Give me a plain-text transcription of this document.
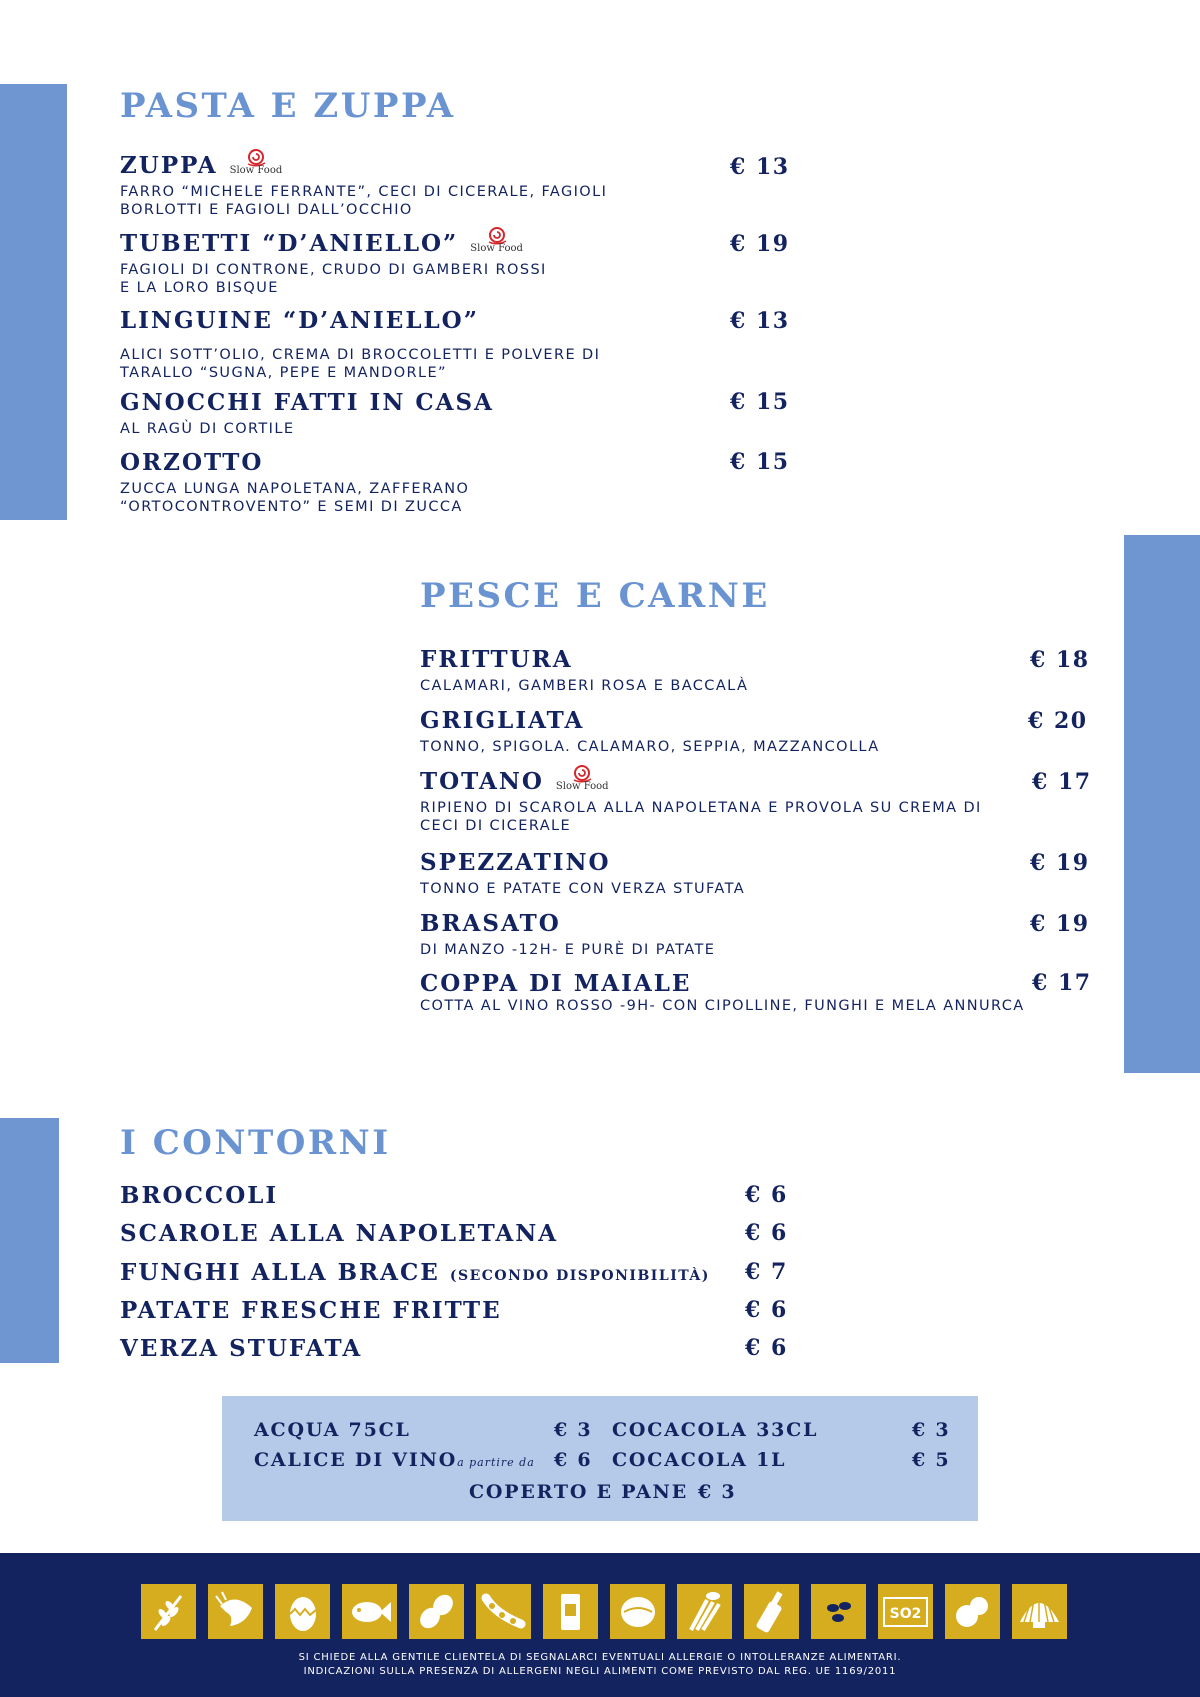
PASTA E ZUPPA
ZUPPA Slow Food
FARRO “MICHELE FERRANTE”, CECI DI CICERALE, FAGIOLI
BORLOTTI E FAGIOLI DALL’OCCHIO
€ 13
TUBETTI “D’ANIELLO” Slow Food
FAGIOLI DI CONTRONE, CRUDO DI GAMBERI ROSSI
E LA LORO BISQUE
€ 19
LINGUINE “D’ANIELLO”
ALICI SOTT’OLIO, CREMA DI BROCCOLETTI E POLVERE DI
TARALLO “SUGNA, PEPE E MANDORLE”
€ 13
GNOCCHI FATTI IN CASA
AL RAGÙ DI CORTILE
€ 15
ORZOTTO
ZUCCA LUNGA NAPOLETANA, ZAFFERANO
“ORTOCONTROVENTO” E SEMI DI ZUCCA
€ 15
PESCE E CARNE
FRITTURA
CALAMARI, GAMBERI ROSA E BACCALÀ
€ 18
GRIGLIATA
TONNO, SPIGOLA. CALAMARO, SEPPIA, MAZZANCOLLA
€ 20
TOTANO Slow Food
RIPIENO DI SCAROLA ALLA NAPOLETANA E PROVOLA SU CREMA DI
CECI DI CICERALE
€ 17
SPEZZATINO
TONNO E PATATE CON VERZA STUFATA
€ 19
BRASATO
DI MANZO -12H- E PURÈ DI PATATE
€ 19
COPPA DI MAIALE
COTTA AL VINO ROSSO -9H- CON CIPOLLINE, FUNGHI E MELA ANNURCA
€ 17
I CONTORNI
BROCCOLI	€ 6
SCAROLE ALLA NAPOLETANA	€ 6
FUNGHI ALLA BRACE (SECONDO DISPONIBILITÀ) € 7
PATATE FRESCHE FRITTE	€ 6
VERZA STUFATA	€ 6
ACQUA 75CL	€ 3 COCACOLA 33CL	€ 3
CALICE DI VINOa partire da € 6 COCACOLA 1L	€ 5
COPERTO E PANE € 3
SO2
SI CHIEDE ALLA GENTILE CLIENTELA DI SEGNALARCI EVENTUALI ALLERGIE O INTOLLERANZE ALIMENTARI.
INDICAZIONI SULLA PRESENZA DI ALLERGENI NEGLI ALIMENTI COME PREVISTO DAL REG. UE 1169/2011
